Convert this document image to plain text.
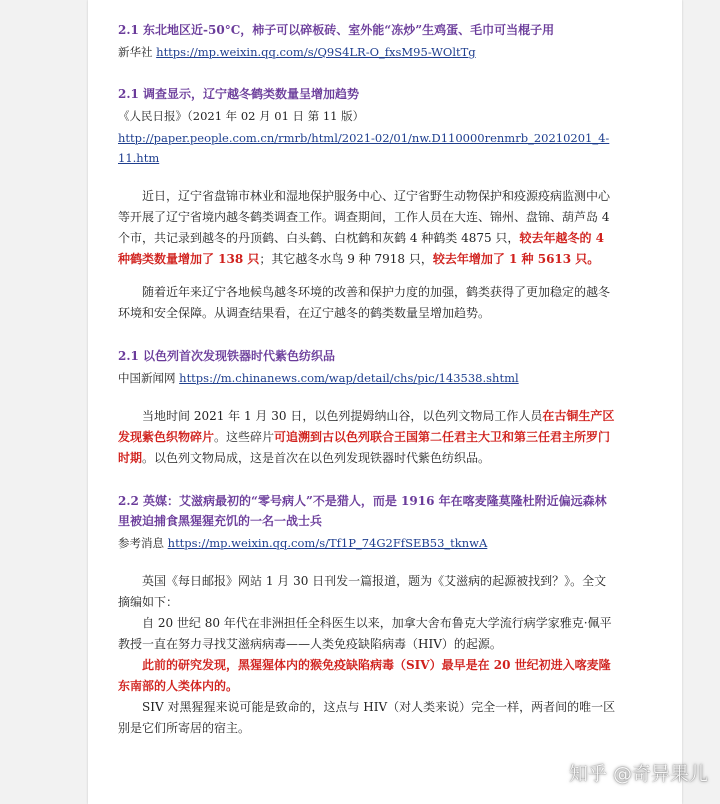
2.1 东北地区近-50°C，柿子可以碎板砖、室外能“冻炒”生鸡蛋、毛巾可当棍子用

新华社 https://mp.weixin.qq.com/s/Q9S4LR-O_fxsM95-WOltTg

2.1 调查显示，辽宁越冬鹤类数量呈增加趋势

《人民日报》（2021 年 02 月 01 日 第 11 版）

http://paper.people.com.cn/rmrb/html/2021-02/01/nw.D110000renmrb_20210201_4-11.htm

近日，辽宁省盘锦市林业和湿地保护服务中心、辽宁省野生动物保护和疫源疫病监测中心等开展了辽宁省境内越冬鹤类调查工作。调查期间，工作人员在大连、锦州、盘锦、葫芦岛 4 个市，共记录到越冬的丹顶鹤、白头鹤、白枕鹤和灰鹤 4 种鹤类 4875 只，较去年越冬的 4 种鹤类数量增加了 138 只；其它越冬水鸟 9 种 7918 只，较去年增加了 1 种 5613 只。

随着近年来辽宁各地候鸟越冬环境的改善和保护力度的加强，鹤类获得了更加稳定的越冬环境和安全保障。从调查结果看，在辽宁越冬的鹤类数量呈增加趋势。

2.1 以色列首次发现铁器时代紫色纺织品

中国新闻网 https://m.chinanews.com/wap/detail/chs/pic/143538.shtml

当地时间 2021 年 1 月 30 日，以色列提姆纳山谷，以色列文物局工作人员在古铜生产区发现紫色织物碎片。这些碎片可追溯到古以色列联合王国第二任君主大卫和第三任君主所罗门时期。以色列文物局成，这是首次在以色列发现铁器时代紫色纺织品。

2.2 英媒：艾滋病最初的“零号病人”不是猎人，而是 1916 年在喀麦隆莫隆杜附近偏远森林里被迫捕食黑猩猩充饥的一名一战士兵

参考消息 https://mp.weixin.qq.com/s/Tf1P_74G2FfSEB53_tknwA

英国《每日邮报》网站 1 月 30 日刊发一篇报道，题为《艾滋病的起源被找到？》。全文摘编如下：

自 20 世纪 80 年代在非洲担任全科医生以来，加拿大舍布鲁克大学流行病学家雅克·佩平教授一直在努力寻找艾滋病病毒——人类免疫缺陷病毒（HIV）的起源。

此前的研究发现，黑猩猩体内的猴免疫缺陷病毒（SIV）最早是在 20 世纪初进入喀麦隆东南部的人类体内的。

SIV 对黑猩猩来说可能是致命的，这点与 HIV（对人类来说）完全一样，两者间的唯一区别是它们所寄居的宿主。

知乎 @奇异果儿
